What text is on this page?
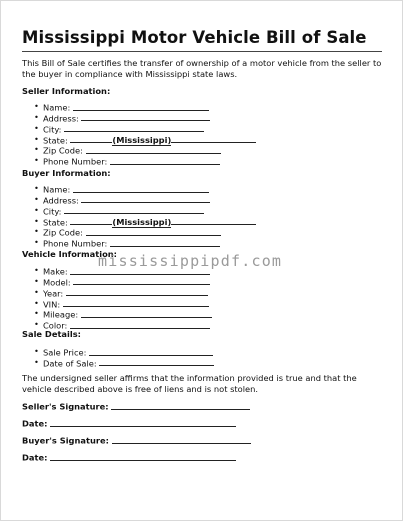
Mississippi Motor Vehicle Bill of Sale
This Bill of Sale certifies the transfer of ownership of a motor vehicle from the seller to the buyer in compliance with Mississippi state laws.
Seller Information:
• Name:
• Address:
• City:
• State:	(Mississippi)
• Zip Code:
• Phone Number:
Buyer Information:
• Name:
• Address:
• City:
• State:	(Mississippi)
• Zip Code:
• Phone Number:
Vehicle Information:
• Make:
• Model:
• Year:
• VIN:
• Mileage:
• Color:
Sale Details:
• Sale Price:
• Date of Sale:
The undersigned seller affirms that the information provided is true and that the vehicle described above is free of liens and is not stolen.
Seller's Signature:
Date:
Buyer's Signature:
Date:
mississippipdf.com
